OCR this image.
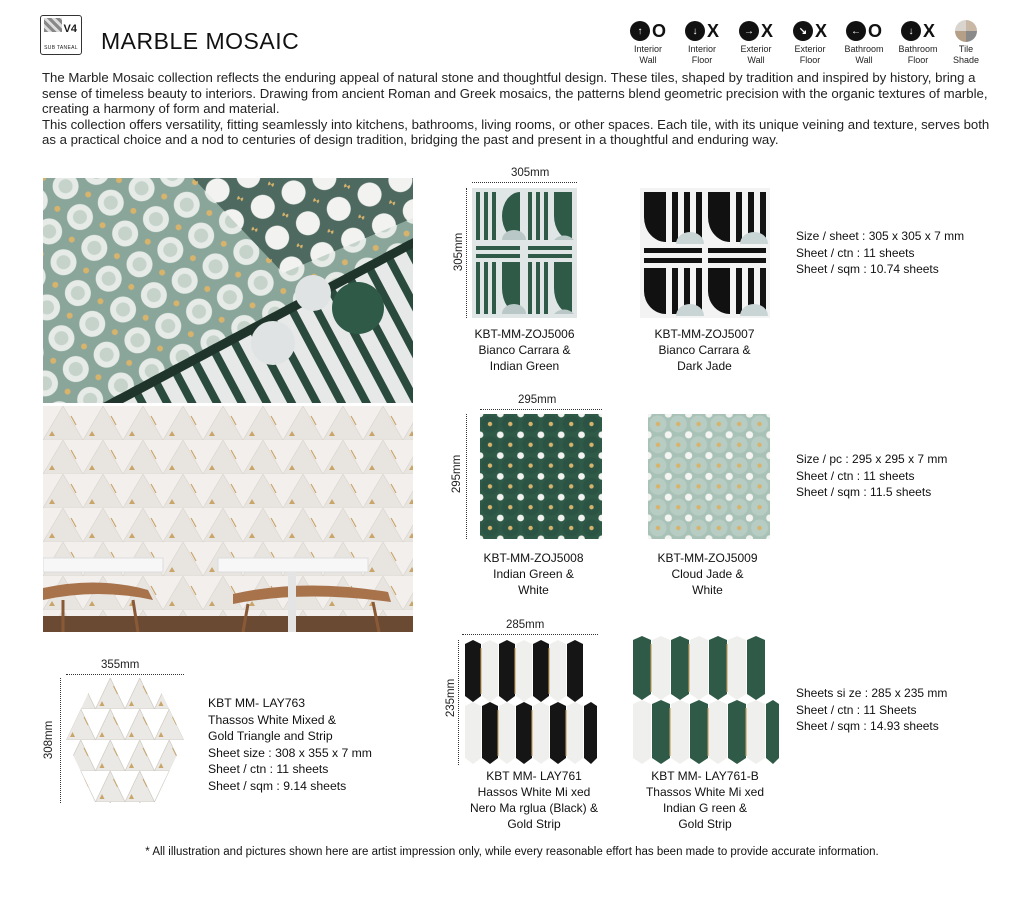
V4
SUB TANEAL MARBLE MOSAIC	↑ O
Interior
Wall
↓ X
Interior
Floor
→ X
Exterior
Wall
↘ X
Exterior
Floor
← O
Bathroom
Wall
↓ X
Bathroom
Floor
Tile
Shade

The Marble Mosaic collection reflects the enduring appeal of natural stone and thoughtful design. These tiles, shaped by tradition and inspired by history, bring a sense of timeless beauty to interiors. Drawing from ancient Roman and Greek mosaics, the patterns blend geometric precision with the organic textures of marble, creating a harmony of form and material.

This collection offers versatility, fitting seamlessly into kitchens, bathrooms, living rooms, or other spaces. Each tile, with its unique veining and texture, serves both as a practical choice and a nod to centuries of design tradition, bridging the past and present in a thoughtful and enduring way.

305mm
305mm
KBT-MM-ZOJ5006
Bianco Carrara &
Indian Green
KBT-MM-ZOJ5007
Bianco Carrara &
Dark Jade
Size / sheet : 305 x 305 x 7 mm
Sheet / ctn : 11 sheets
Sheet / sqm : 10.74 sheets
295mm
295mm
KBT-MM-ZOJ5008
Indian Green &
White
KBT-MM-ZOJ5009
Cloud Jade &
White
Size / pc : 295 x 295 x 7 mm
Sheet / ctn : 11 sheets
Sheet / sqm : 11.5 sheets
285mm
235mm
KBT MM- LAY761
Hassos White Mi xed
Nero Ma rglua (Black) &
Gold Strip
KBT MM- LAY761-B
Thassos White Mi xed
Indian G reen &
Gold Strip
Sheets si ze : 285 x 235 mm
Sheet / ctn : 11 Sheets
Sheet / sqm : 14.93 sheets
355mm
308mm
KBT MM- LAY763
Thassos White Mixed &
Gold Triangle and Strip
Sheet size : 308 x 355 x 7 mm
Sheet / ctn : 11 sheets
Sheet / sqm : 9.14 sheets
* All illustration and pictures shown here are artist impression only, while every reasonable effort has been made to provide accurate information.
